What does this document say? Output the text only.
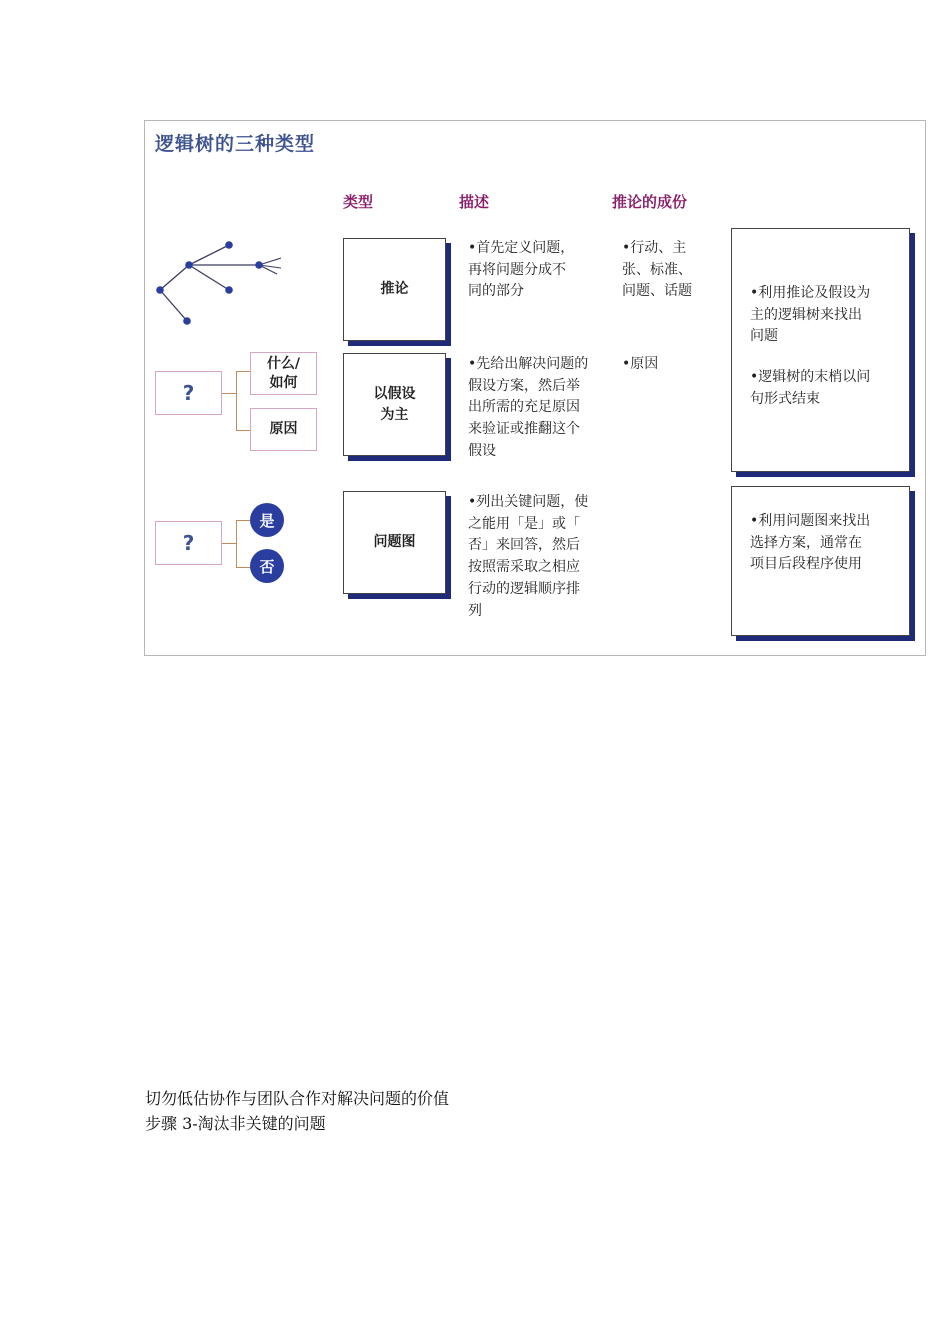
逻辑树的三种类型
类型	描述	推论的成份
推论
•首先定义问题，
再将问题分成不
同的部分
•行动、主
张、标准、
问题、话题
?
什么/
如何
原因
以假设
为主
•先给出解决问题的
假设方案，然后举
出所需的充足原因
来验证或推翻这个
假设
•原因
?
是
否
问题图
•列出关键问题，使
之能用「是」或「
否」来回答，然后
按照需采取之相应
行动的逻辑顺序排
列

•利用推论及假设为
主的逻辑树来找出
问题

•逻辑树的末梢以问
句形式结束

•利用问题图来找出
选择方案，通常在
项目后段程序使用

切勿低估协作与团队合作对解决问题的价值
步骤 3-淘汰非关键的问题
